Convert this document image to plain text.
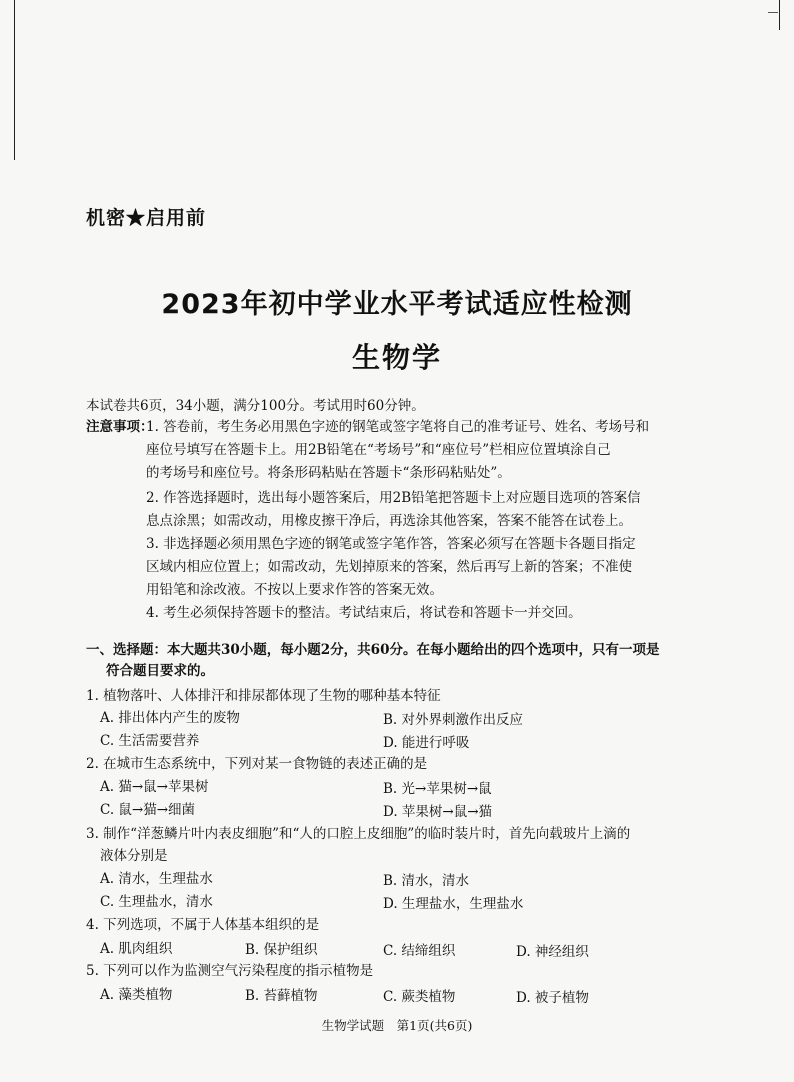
机密★启用前
2023年初中学业水平考试适应性检测
生物学
本试卷共6页，34小题，满分100分。考试用时60分钟。
注意事项：
1. 答卷前，考生务必用黑色字迹的钢笔或签字笔将自己的准考证号、姓名、考场号和
座位号填写在答题卡上。用2B铅笔在“考场号”和“座位号”栏相应位置填涂自己
的考场号和座位号。将条形码粘贴在答题卡“条形码粘贴处”。
2. 作答选择题时，选出每小题答案后，用2B铅笔把答题卡上对应题目选项的答案信
息点涂黑；如需改动，用橡皮擦干净后，再选涂其他答案，答案不能答在试卷上。
3. 非选择题必须用黑色字迹的钢笔或签字笔作答，答案必须写在答题卡各题目指定
区域内相应位置上；如需改动，先划掉原来的答案，然后再写上新的答案；不准使
用铅笔和涂改液。不按以上要求作答的答案无效。
4. 考生必须保持答题卡的整洁。考试结束后，将试卷和答题卡一并交回。
一、选择题：本大题共30小题，每小题2分，共60分。在每小题给出的四个选项中，只有一项是
符合题目要求的。
1. 植物落叶、人体排汗和排尿都体现了生物的哪种基本特征
A. 排出体内产生的废物	B. 对外界刺激作出反应
C. 生活需要营养	D. 能进行呼吸
2. 在城市生态系统中，下列对某一食物链的表述正确的是
A. 猫→鼠→苹果树	B. 光→苹果树→鼠
C. 鼠→猫→细菌	D. 苹果树→鼠→猫
3. 制作“洋葱鳞片叶内表皮细胞”和“人的口腔上皮细胞”的临时装片时，首先向载玻片上滴的
液体分别是
A. 清水，生理盐水	B. 清水，清水
C. 生理盐水，清水	D. 生理盐水，生理盐水
4. 下列选项，不属于人体基本组织的是
A. 肌肉组织	B. 保护组织	C. 结缔组织	D. 神经组织
5. 下列可以作为监测空气污染程度的指示植物是
A. 藻类植物	B. 苔藓植物	C. 蕨类植物	D. 被子植物
生物学试题　第1页(共6页)
